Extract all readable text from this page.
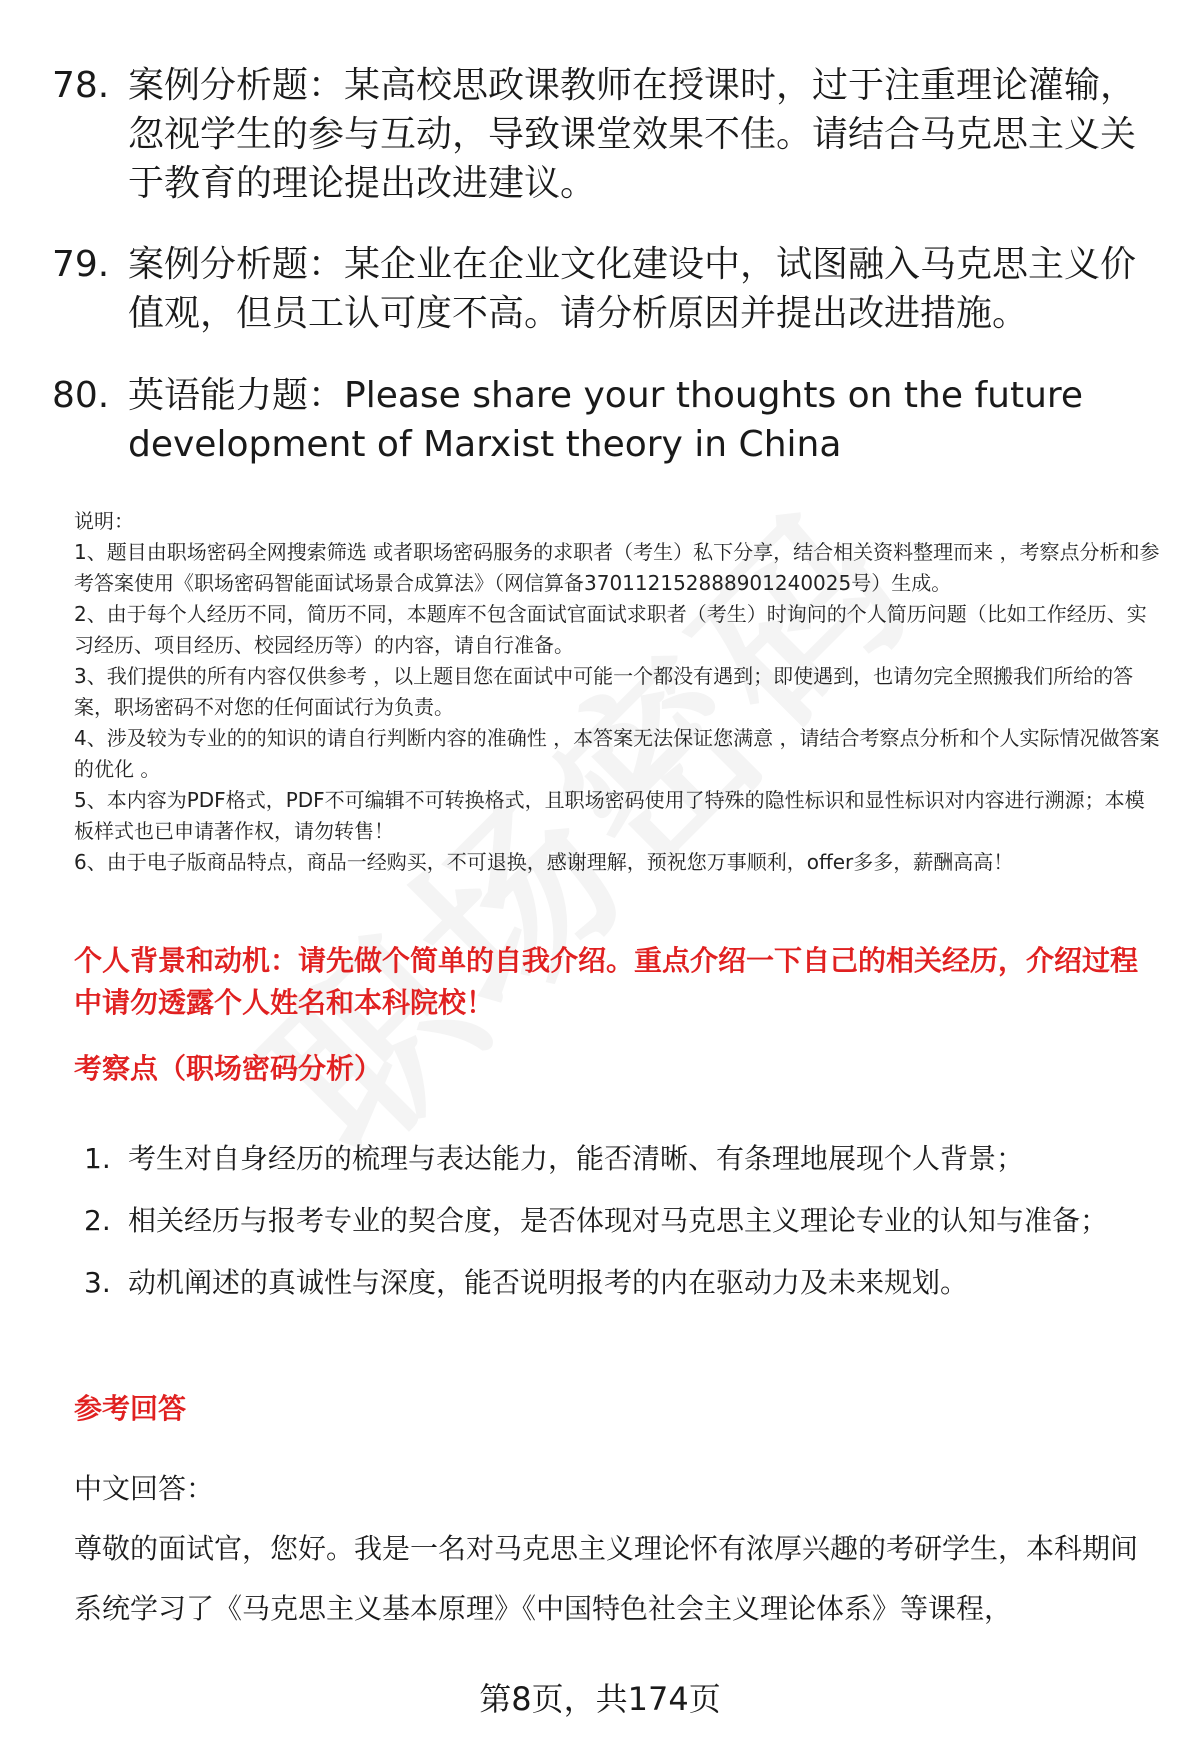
78. 案例分析题：某高校思政课教师在授课时，过于注重理论灌输，忽视学生的参与互动，导致课堂效果不佳。请结合马克思主义关于教育的理论提出改进建议。
79. 案例分析题：某企业在企业文化建设中，试图融入马克思主义价值观，但员工认可度不高。请分析原因并提出改进措施。
80. 英语能力题：Please share your thoughts on the future development of Marxist theory in China

说明：

1、题目由职场密码全网搜索筛选 或者职场密码服务的求职者（考生）私下分享，结合相关资料整理而来 ，考察点分析和参考答案使用《职场密码智能面试场景合成算法》（网信算备370112152888901240025号）生成。

2、由于每个人经历不同，简历不同，本题库不包含面试官面试求职者（考生）时询问的个人简历问题（比如工作经历、实习经历、项目经历、校园经历等）的内容，请自行准备。

3、我们提供的所有内容仅供参考 ，以上题目您在面试中可能一个都没有遇到；即使遇到，也请勿完全照搬我们所给的答案，职场密码不对您的任何面试行为负责。

4、涉及较为专业的的知识的请自行判断内容的准确性 ，本答案无法保证您满意 ，请结合考察点分析和个人实际情况做答案的优化 。

5、本内容为PDF格式，PDF不可编辑不可转换格式，且职场密码使用了特殊的隐性标识和显性标识对内容进行溯源；本模板样式也已申请著作权，请勿转售！

6、由于电子版商品特点，商品一经购买，不可退换，感谢理解，预祝您万事顺利，offer多多，薪酬高高！

个人背景和动机：请先做个简单的自我介绍。重点介绍一下自己的相关经历，介绍过程中请勿透露个人姓名和本科院校！
考察点（职场密码分析）
1. 考生对自身经历的梳理与表达能力，能否清晰、有条理地展现个人背景；
2. 相关经历与报考专业的契合度，是否体现对马克思主义理论专业的认知与准备；
3. 动机阐述的真诚性与深度，能否说明报考的内在驱动力及未来规划。
参考回答

中文回答：

尊敬的面试官，您好。我是一名对马克思主义理论怀有浓厚兴趣的考研学生，本科期间系统学习了《马克思主义基本原理》《中国特色社会主义理论体系》等课程，

第8页，共174页
